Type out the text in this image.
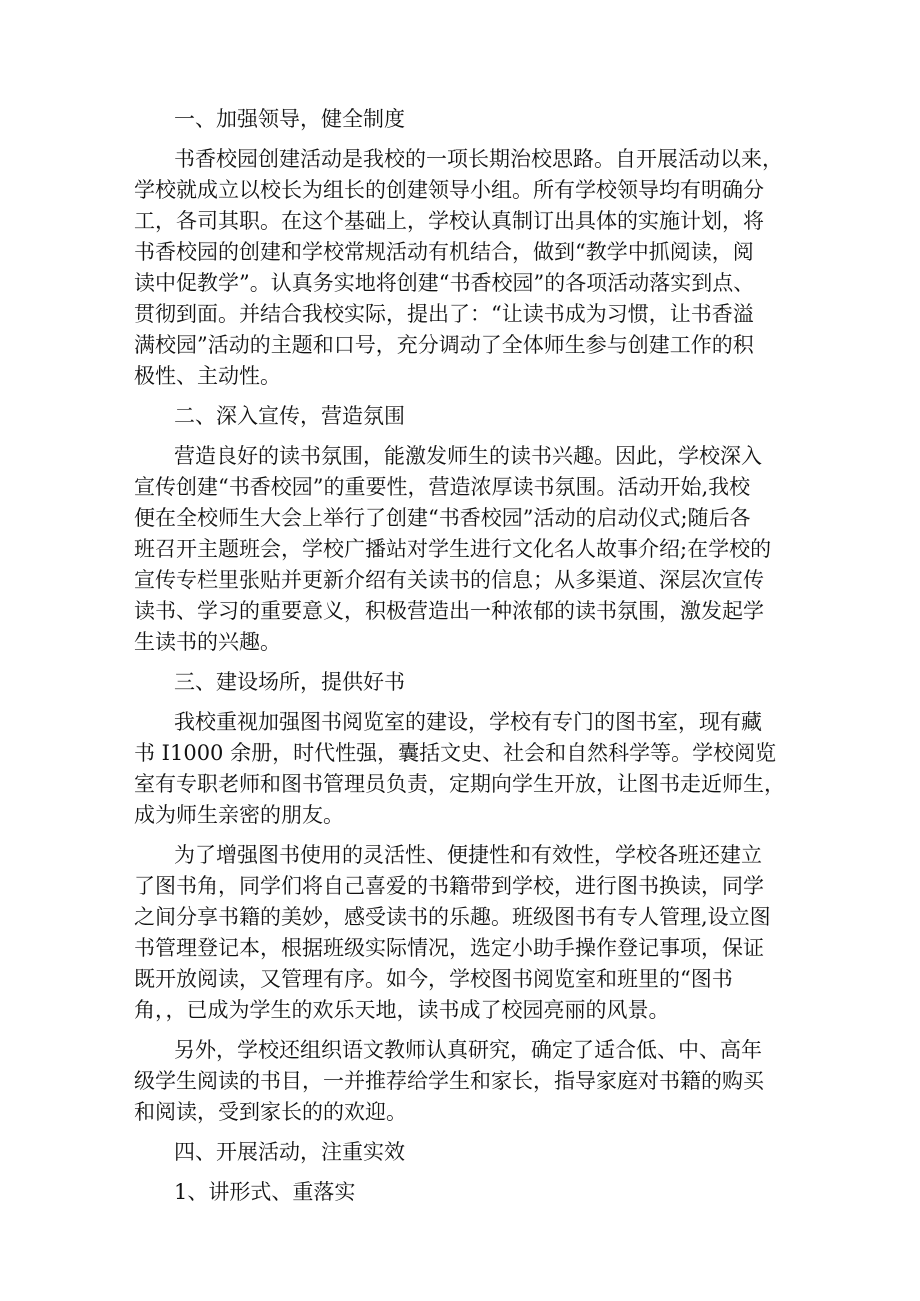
一、加强领导，健全制度
书香校园创建活动是我校的一项长期治校思路。自开展活动以来，
学校就成立以校长为组长的创建领导小组。所有学校领导均有明确分
工，各司其职。在这个基础上，学校认真制订出具体的实施计划，将
书香校园的创建和学校常规活动有机结合，做到“教学中抓阅读，阅
读中促教学”。认真务实地将创建“书香校园”的各项活动落实到点、
贯彻到面。并结合我校实际，提出了：“让读书成为习惯，让书香溢
满校园”活动的主题和口号，充分调动了全体师生参与创建工作的积
极性、主动性。
二、深入宣传，营造氛围
营造良好的读书氛围，能激发师生的读书兴趣。因此，学校深入
宣传创建“书香校园”的重要性，营造浓厚读书氛围。活动开始,我校
便在全校师生大会上举行了创建“书香校园”活动的启动仪式;随后各
班召开主题班会，学校广播站对学生进行文化名人故事介绍;在学校的
宣传专栏里张贴并更新介绍有关读书的信息；从多渠道、深层次宣传
读书、学习的重要意义，积极营造出一种浓郁的读书氛围，激发起学
生读书的兴趣。
三、建设场所，提供好书
我校重视加强图书阅览室的建设，学校有专门的图书室，现有藏
书 I1000 余册，时代性强，囊括文史、社会和自然科学等。学校阅览
室有专职老师和图书管理员负责，定期向学生开放，让图书走近师生，
成为师生亲密的朋友。
为了增强图书使用的灵活性、便捷性和有效性，学校各班还建立
了图书角，同学们将自己喜爱的书籍带到学校，进行图书换读，同学
之间分享书籍的美妙，感受读书的乐趣。班级图书有专人管理,设立图
书管理登记本，根据班级实际情况，选定小助手操作登记事项，保证
既开放阅读，又管理有序。如今，学校图书阅览室和班里的“图书
角，，已成为学生的欢乐天地，读书成了校园亮丽的风景。
另外，学校还组织语文教师认真研究，确定了适合低、中、高年
级学生阅读的书目，一并推荐给学生和家长，指导家庭对书籍的购买
和阅读，受到家长的的欢迎。
四、开展活动，注重实效
1、讲形式、重落实
